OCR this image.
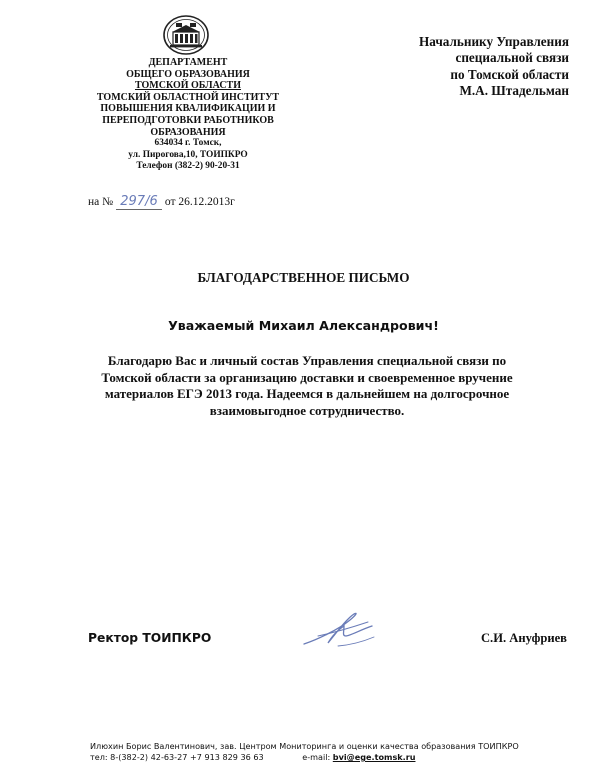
ДЕПАРТАМЕНТ
ОБЩЕГО ОБРАЗОВАНИЯ
ТОМСКОЙ ОБЛАСТИ
ТОМСКИЙ ОБЛАСТНОЙ ИНСТИТУТ
ПОВЫШЕНИЯ КВАЛИФИКАЦИИ И
ПЕРЕПОДГОТОВКИ РАБОТНИКОВ
ОБРАЗОВАНИЯ
634034 г. Томск,
ул. Пирогова,10, ТОИПКРО
Телефон (382-2) 90-20-31
Начальнику Управления
специальной связи
по Томской области
М.А. Штадельман
на № 297/6 от 26.12.2013г
БЛАГОДАРСТВЕННОЕ ПИСЬМО
Уважаемый Михаил Александрович!
Благодарю Вас и личный состав Управления специальной связи по
Томской области за организацию доставки и своевременное вручение
материалов ЕГЭ 2013 года. Надеемся в дальнейшем на долгосрочное
взаимовыгодное сотрудничество.
Ректор ТОИПКРО	С.И. Ануфриев
Илюхин Борис Валентинович, зав. Центром Мониторинга и оценки качества образования ТОИПКРО
тел: 8-(382-2) 42-63-27 +7 913 829 36 63	e-mail: bvi@ege.tomsk.ru
